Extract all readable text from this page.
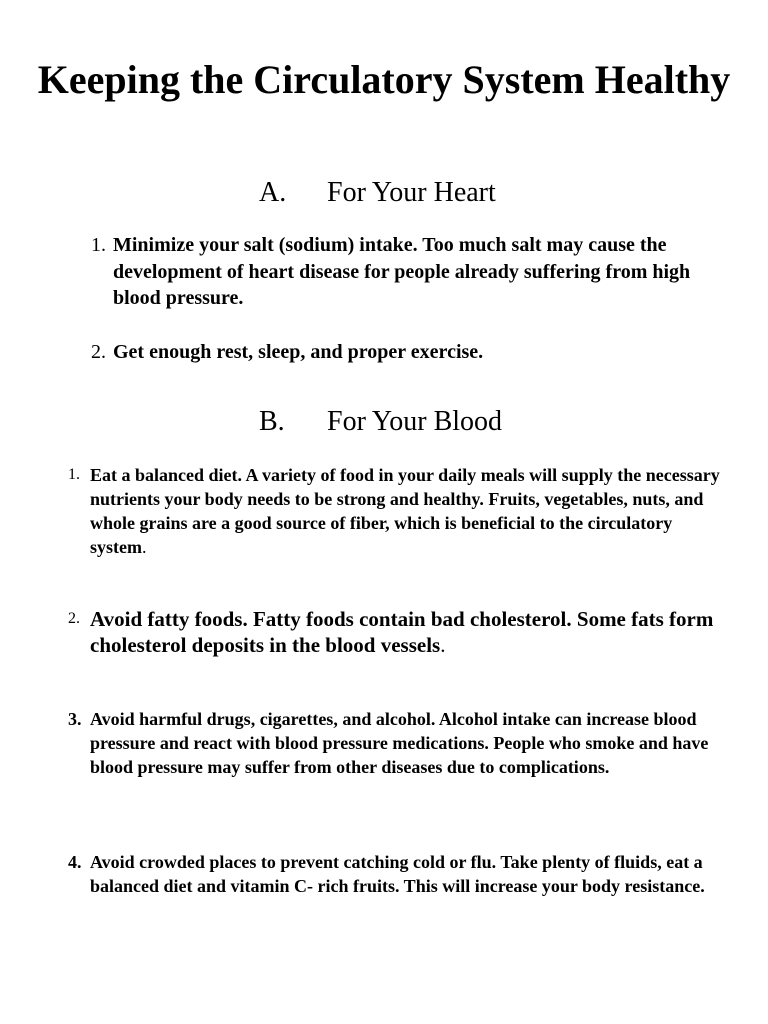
Keeping the Circulatory System Healthy
A. For Your Heart
1. Minimize your salt (sodium) intake. Too much salt may cause the development of heart disease for people already suffering from high blood pressure.
2. Get enough rest, sleep, and proper exercise.
B. For Your Blood
1. Eat a balanced diet. A variety of food in your daily meals will supply the necessary nutrients your body needs to be strong and healthy. Fruits, vegetables, nuts, and whole grains are a good source of fiber, which is beneficial to the circulatory system.
2. Avoid fatty foods. Fatty foods contain bad cholesterol. Some fats form cholesterol deposits in the blood vessels.
3. Avoid harmful drugs, cigarettes, and alcohol. Alcohol intake can increase blood pressure and react with blood pressure medications. People who smoke and have blood pressure may suffer from other diseases due to complications.
4. Avoid crowded places to prevent catching cold or flu. Take plenty of fluids, eat a balanced diet and vitamin C- rich fruits. This will increase your body resistance.
